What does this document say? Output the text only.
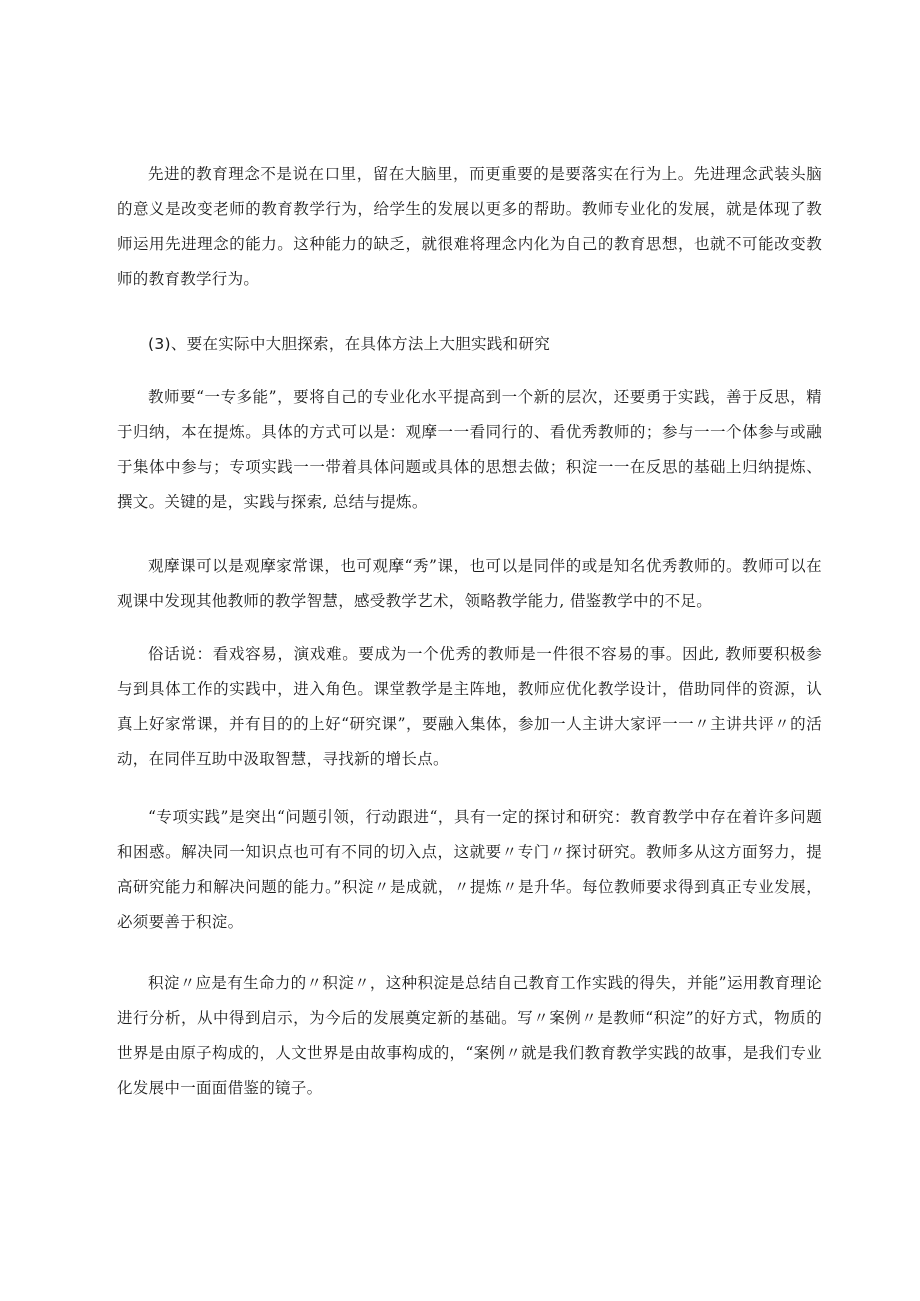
先进的教育理念不是说在口里，留在大脑里，而更重要的是要落实在行为上。先进理念武装头脑的意义是改变老师的教育教学行为，给学生的发展以更多的帮助。教师专业化的发展，就是体现了教师运用先进理念的能力。这种能力的缺乏，就很难将理念内化为自己的教育思想，也就不可能改变教师的教育教学行为。

(3)、要在实际中大胆探索，在具体方法上大胆实践和研究

教师要“一专多能”，要将自己的专业化水平提高到一个新的层次，还要勇于实践，善于反思，精于归纳，本在提炼。具体的方式可以是：观摩一一看同行的、看优秀教师的；参与一一个体参与或融于集体中参与；专项实践一一带着具体问题或具体的思想去做；积淀一一在反思的基础上归纳提炼、撰文。关键的是，实践与探索, 总结与提炼。

观摩课可以是观摩家常课，也可观摩“秀”课，也可以是同伴的或是知名优秀教师的。教师可以在观课中发现其他教师的教学智慧，感受教学艺术，领略教学能力, 借鉴教学中的不足。

俗话说：看戏容易，演戏难。要成为一个优秀的教师是一件很不容易的事。因此, 教师要积极参与到具体工作的实践中，进入角色。课堂教学是主阵地，教师应优化教学设计，借助同伴的资源，认真上好家常课，并有目的的上好“研究课”，要融入集体，参加一人主讲大家评一一〃主讲共评〃的活动，在同伴互助中汲取智慧，寻找新的增长点。

“专项实践”是突出“问题引领，行动跟进“，具有一定的探讨和研究：教育教学中存在着许多问题和困惑。解决同一知识点也可有不同的切入点，这就要〃专门〃探讨研究。教师多从这方面努力，提高研究能力和解决问题的能力。”积淀〃是成就，〃提炼〃是升华。每位教师要求得到真正专业发展，必须要善于积淀。

积淀〃应是有生命力的〃积淀〃，这种积淀是总结自己教育工作实践的得失，并能”运用教育理论进行分析，从中得到启示，为今后的发展奠定新的基础。写〃案例〃是教师“积淀”的好方式，物质的世界是由原子构成的，人文世界是由故事构成的，“案例〃就是我们教育教学实践的故事，是我们专业化发展中一面面借鉴的镜子。
